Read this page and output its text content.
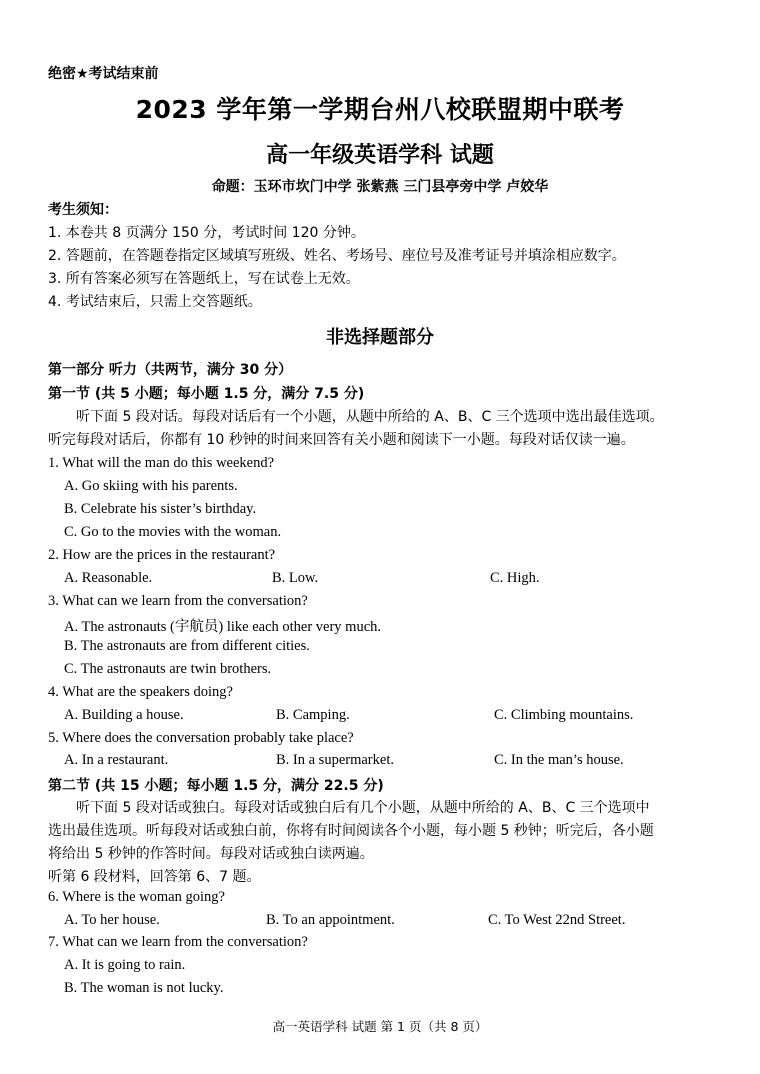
绝密★考试结束前
2023 学年第一学期台州八校联盟期中联考
高一年级英语学科 试题
命题：玉环市坎门中学 张紫燕 三门县亭旁中学 卢姣华
考生须知：
1. 本卷共 8 页满分 150 分，考试时间 120 分钟。
2. 答题前，在答题卷指定区域填写班级、姓名、考场号、座位号及准考证号并填涂相应数字。
3. 所有答案必须写在答题纸上，写在试卷上无效。
4. 考试结束后，只需上交答题纸。
非选择题部分
第一部分 听力（共两节，满分 30 分）
第一节 (共 5 小题；每小题 1.5 分，满分 7.5 分)
听下面 5 段对话。每段对话后有一个小题，从题中所给的 A、B、C 三个选项中选出最佳选项。
听完每段对话后，你都有 10 秒钟的时间来回答有关小题和阅读下一小题。每段对话仅读一遍。
1. What will the man do this weekend?
A. Go skiing with his parents.
B. Celebrate his sister’s birthday.
C. Go to the movies with the woman.
2. How are the prices in the restaurant?
A. Reasonable.	B. Low.	C. High.
3. What can we learn from the conversation?
A. The astronauts (宇航员) like each other very much.
B. The astronauts are from different cities.
C. The astronauts are twin brothers.
4. What are the speakers doing?
A. Building a house.	B. Camping.	C. Climbing mountains.
5. Where does the conversation probably take place?
A. In a restaurant.	B. In a supermarket.	C. In the man’s house.
第二节 (共 15 小题；每小题 1.5 分，满分 22.5 分)
听下面 5 段对话或独白。每段对话或独白后有几个小题，从题中所给的 A、B、C 三个选项中
选出最佳选项。听每段对话或独白前，你将有时间阅读各个小题，每小题 5 秒钟；听完后，各小题
将给出 5 秒钟的作答时间。每段对话或独白读两遍。
听第 6 段材料，回答第 6、7 题。
6. Where is the woman going?
A. To her house.	B. To an appointment.	C. To West 22nd Street.
7. What can we learn from the conversation?
A. It is going to rain.
B. The woman is not lucky.
高一英语学科 试题 第 1 页（共 8 页）
